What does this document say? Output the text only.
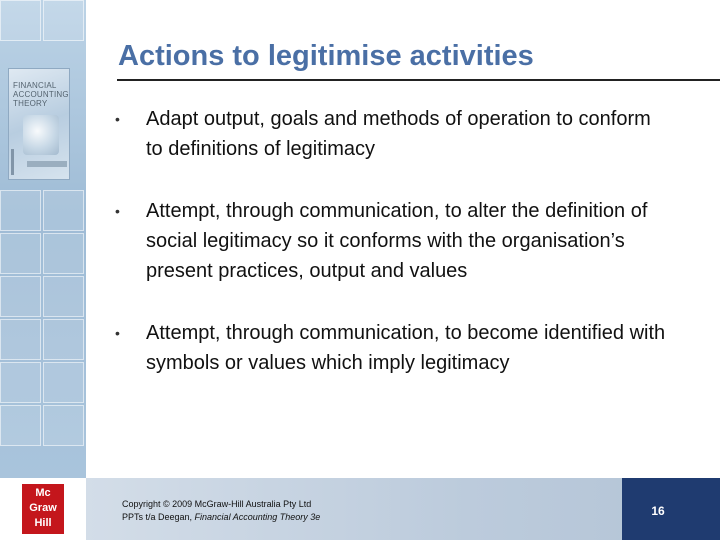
FINANCIAL
ACCOUNTING
THEORY
Actions to legitimise activities
• Adapt output, goals and methods of operation to conform to definitions of legitimacy
• Attempt, through communication, to alter the definition of social legitimacy so it conforms with the organisation’s present practices, output and values
• Attempt, through communication, to become identified with symbols or values which imply legitimacy
Mc
Graw
Hill
Copyright © 2009 McGraw-Hill Australia Pty Ltd
PPTs t/a Deegan, Financial Accounting Theory 3e	16
